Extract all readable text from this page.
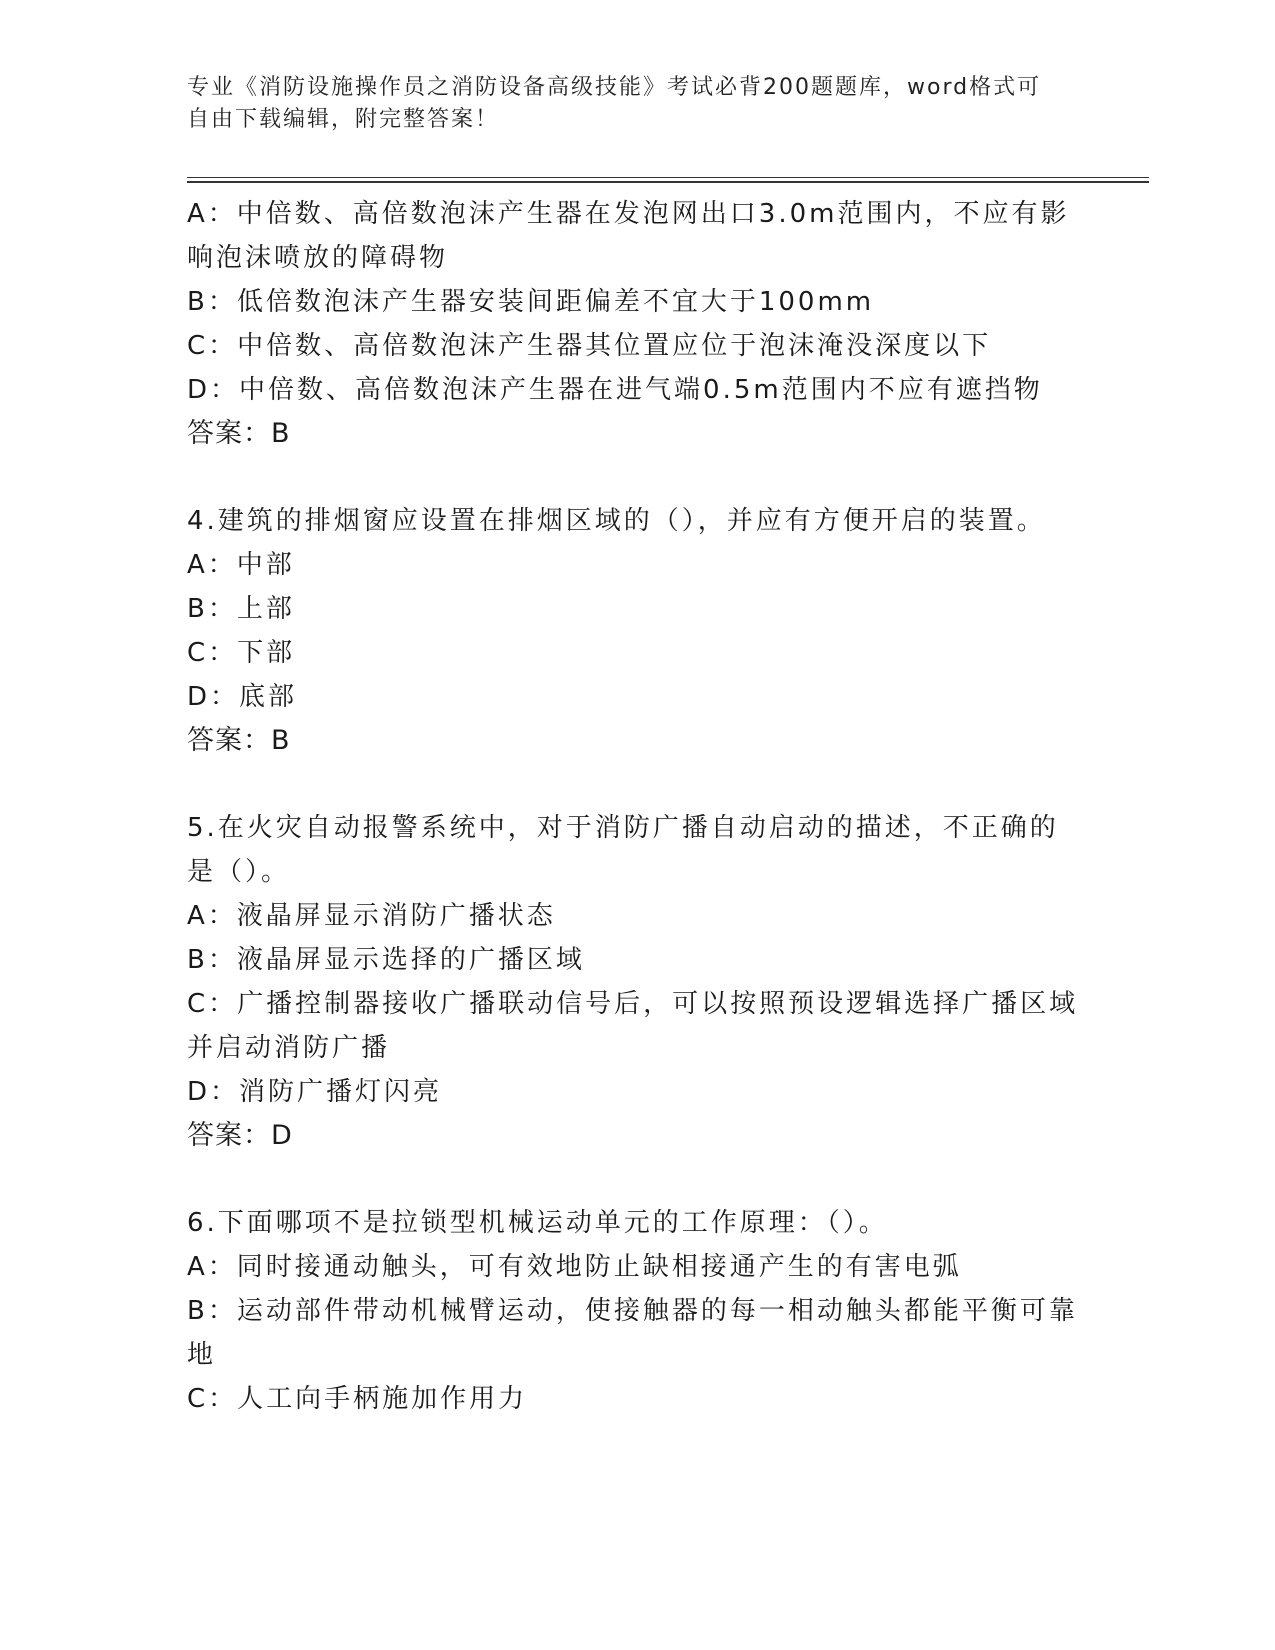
专业《消防设施操作员之消防设备高级技能》考试必背200题题库，word格式可
自由下载编辑，附完整答案！
A：中倍数、高倍数泡沫产生器在发泡网出口3.0m范围内，不应有影
响泡沫喷放的障碍物
B：低倍数泡沫产生器安装间距偏差不宜大于100mm
C：中倍数、高倍数泡沫产生器其位置应位于泡沫淹没深度以下
D：中倍数、高倍数泡沫产生器在进气端0.5m范围内不应有遮挡物
答案：B
4.建筑的排烟窗应设置在排烟区域的（），并应有方便开启的装置。
A：中部
B：上部
C：下部
D：底部
答案：B
5.在火灾自动报警系统中，对于消防广播自动启动的描述，不正确的
是（）。
A：液晶屏显示消防广播状态
B：液晶屏显示选择的广播区域
C：广播控制器接收广播联动信号后，可以按照预设逻辑选择广播区域
并启动消防广播
D：消防广播灯闪亮
答案：D
6.下面哪项不是拉锁型机械运动单元的工作原理：（）。
A：同时接通动触头，可有效地防止缺相接通产生的有害电弧
B：运动部件带动机械臂运动，使接触器的每一相动触头都能平衡可靠
地
C：人工向手柄施加作用力
